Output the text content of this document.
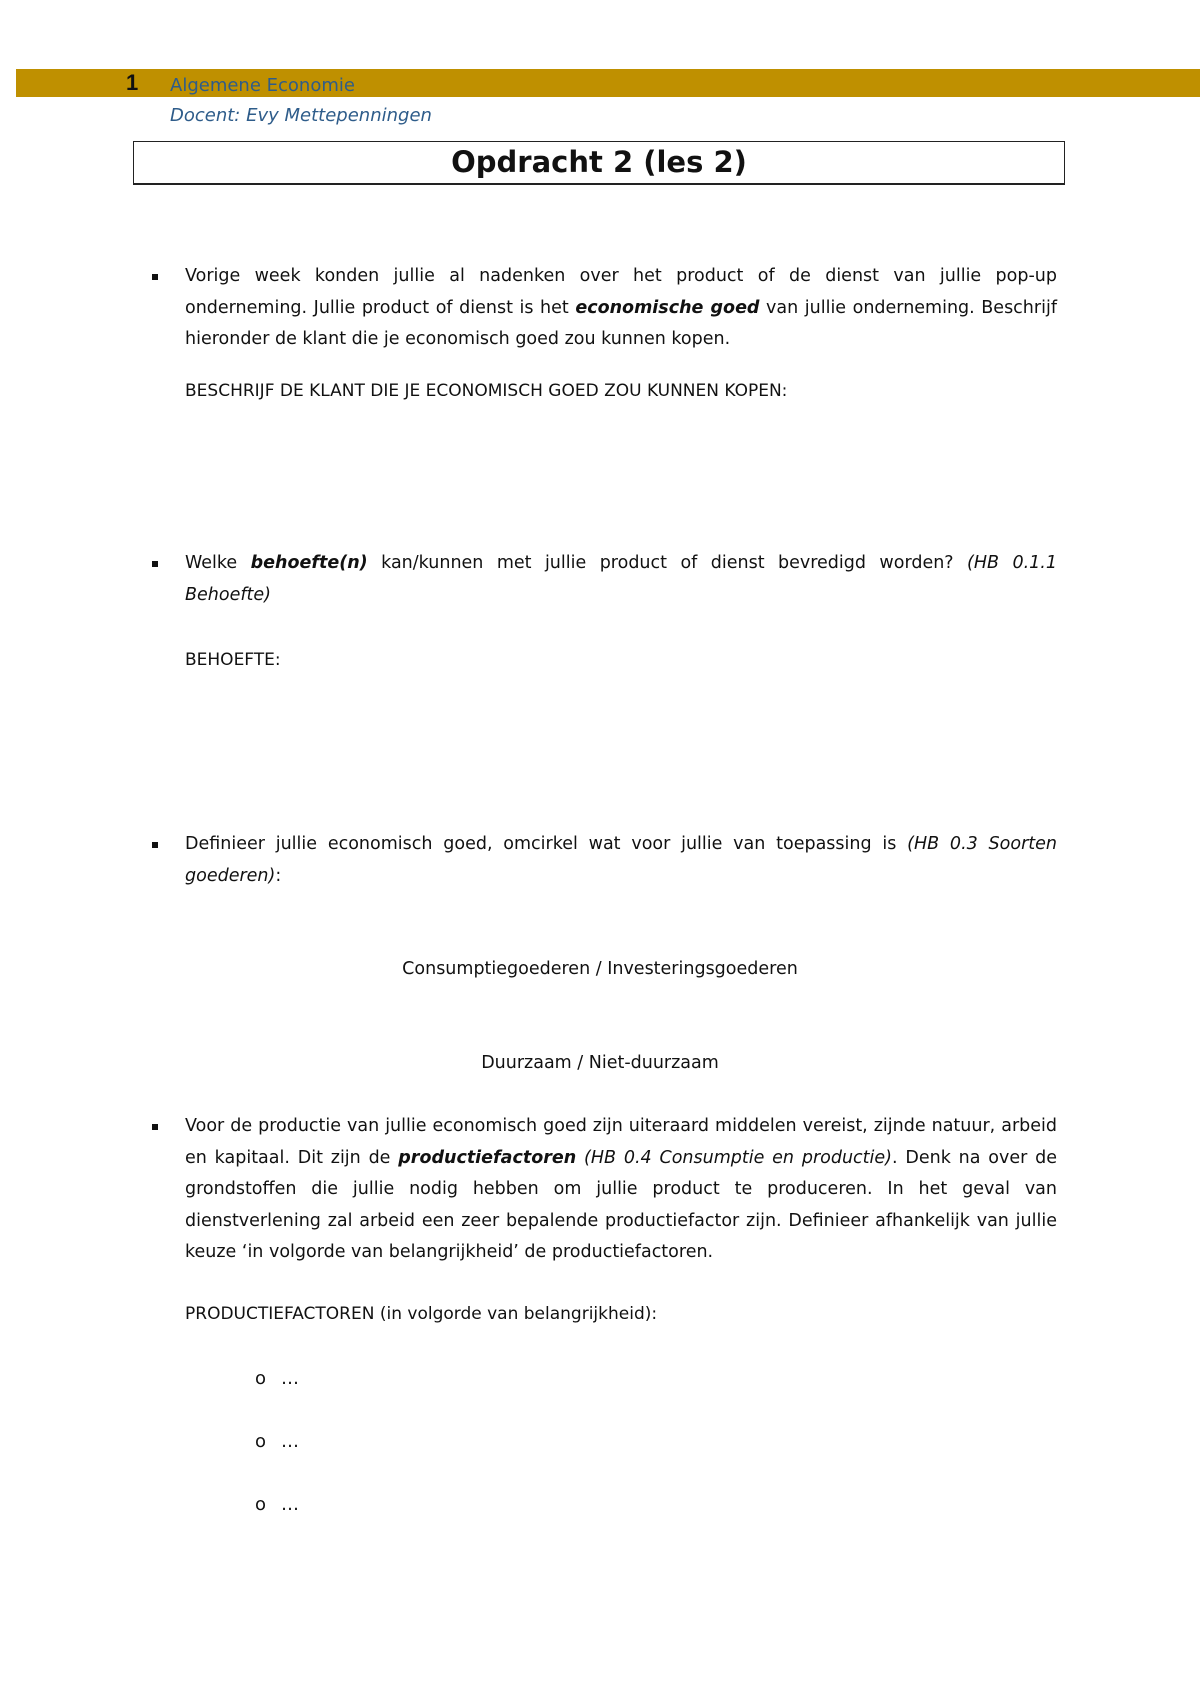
1 Algemene Economie
Docent: Evy Mettepenningen
Opdracht 2 (les 2)

Vorige week konden jullie al nadenken over het product of de dienst van jullie pop-up onderneming. Jullie product of dienst is het economische goed van jullie onderneming. Beschrijf hieronder de klant die je economisch goed zou kunnen kopen.

BESCHRIJF DE KLANT DIE JE ECONOMISCH GOED ZOU KUNNEN KOPEN:

Welke behoefte(n) kan/kunnen met jullie product of dienst bevredigd worden? (HB 0.1.1 Behoefte)

BEHOEFTE:

Definieer jullie economisch goed, omcirkel wat voor jullie van toepassing is (HB 0.3 Soorten goederen):

Consumptiegoederen / Investeringsgoederen
Duurzaam / Niet-duurzaam

Voor de productie van jullie economisch goed zijn uiteraard middelen vereist, zijnde natuur, arbeid en kapitaal. Dit zijn de productiefactoren (HB 0.4 Consumptie en productie). Denk na over de grondstoffen die jullie nodig hebben om jullie product te produceren. In het geval van dienstverlening zal arbeid een zeer bepalende productiefactor zijn. Definieer afhankelijk van jullie keuze ‘in volgorde van belangrijkheid’ de productiefactoren.

PRODUCTIEFACTOREN (in volgorde van belangrijkheid):
o …
o …
o …
